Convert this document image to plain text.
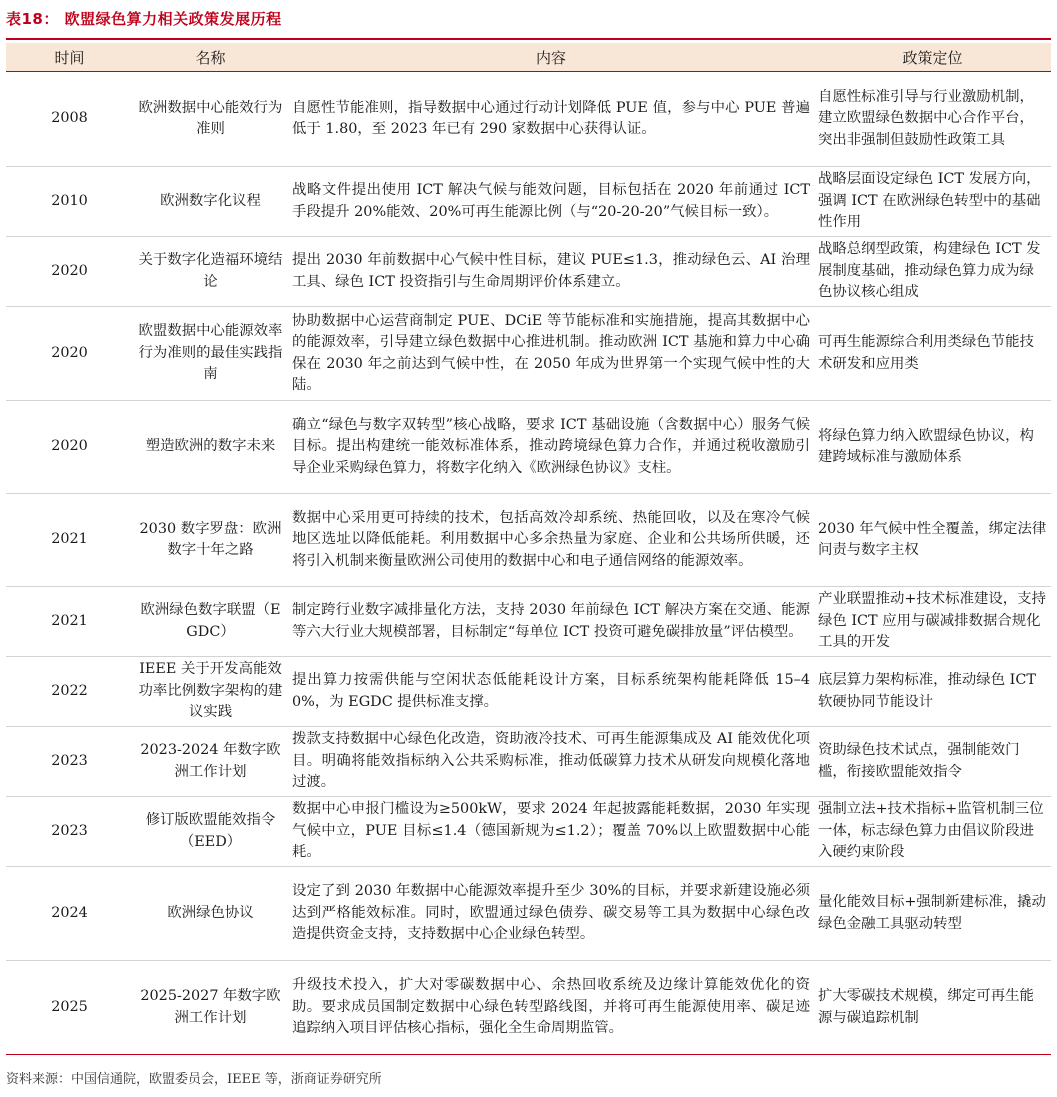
表18： 欧盟绿色算力相关政策发展历程
时间	名称	内容	政策定位
2008	欧洲数据中心能效行为准则	自愿性节能准则，指导数据中心通过行动计划降低 PUE 值，参与中心 PUE 普遍低于 1.80，至 2023 年已有 290 家数据中心获得认证。	自愿性标准引导与行业激励机制，建立欧盟绿色数据中心合作平台，突出非强制但鼓励性政策工具
2010	欧洲数字化议程	战略文件提出使用 ICT 解决气候与能效问题，目标包括在 2020 年前通过 ICT 手段提升 20%能效、20%可再生能源比例（与“20-20-20”气候目标一致）。	战略层面设定绿色 ICT 发展方向，强调 ICT 在欧洲绿色转型中的基础性作用
2020	关于数字化造福环境结论	提出 2030 年前数据中心气候中性目标，建议 PUE≤1.3，推动绿色云、AI 治理工具、绿色 ICT 投资指引与生命周期评价体系建立。	战略总纲型政策，构建绿色 ICT 发展制度基础，推动绿色算力成为绿色协议核心组成
2020	欧盟数据中心能源效率行为准则的最佳实践指南	协助数据中心运营商制定 PUE、DCiE 等节能标准和实施措施，提高其数据中心的能源效率，引导建立绿色数据中心推进机制。推动欧洲 ICT 基施和算力中心确保在 2030 年之前达到气候中性，在 2050 年成为世界第一个实现气候中性的大陆。	可再生能源综合利用类绿色节能技术研发和应用类
2020	塑造欧洲的数字未来	确立“绿色与数字双转型”核心战略，要求 ICT 基础设施（含数据中心）服务气候目标。提出构建统一能效标准体系，推动跨境绿色算力合作，并通过税收激励引导企业采购绿色算力，将数字化纳入《欧洲绿色协议》支柱。	将绿色算力纳入欧盟绿色协议，构建跨域标准与激励体系
2021	2030 数字罗盘：欧洲数字十年之路	数据中心采用更可持续的技术，包括高效冷却系统、热能回收，以及在寒冷气候地区选址以降低能耗。利用数据中心多余热量为家庭、企业和公共场所供暖，还将引入机制来衡量欧洲公司使用的数据中心和电子通信网络的能源效率。	2030 年气候中性全覆盖，绑定法律问责与数字主权
2021	欧洲绿色数字联盟（EGDC）	制定跨行业数字减排量化方法，支持 2030 年前绿色 ICT 解决方案在交通、能源等六大行业大规模部署，目标制定“每单位 ICT 投资可避免碳排放量”评估模型。	产业联盟推动+技术标准建设，支持绿色 ICT 应用与碳减排数据合规化工具的开发
2022	IEEE 关于开发高能效功率比例数字架构的建议实践	提出算力按需供能与空闲状态低能耗设计方案，目标系统架构能耗降低 15–40%，为 EGDC 提供标准支撑。	底层算力架构标准，推动绿色 ICT 软硬协同节能设计
2023	2023-2024 年数字欧洲工作计划	拨款支持数据中心绿色化改造，资助液冷技术、可再生能源集成及 AI 能效优化项目。明确将能效指标纳入公共采购标准，推动低碳算力技术从研发向规模化落地过渡。	资助绿色技术试点，强制能效门槛，衔接欧盟能效指令
2023	修订版欧盟能效指令（EED）	数据中心申报门槛设为≥500kW，要求 2024 年起披露能耗数据，2030 年实现气候中立，PUE 目标≤1.4（德国新规为≤1.2）；覆盖 70%以上欧盟数据中心能耗。	强制立法+技术指标+监管机制三位一体，标志绿色算力由倡议阶段进入硬约束阶段
2024	欧洲绿色协议	设定了到 2030 年数据中心能源效率提升至少 30%的目标，并要求新建设施必须达到严格能效标准。同时，欧盟通过绿色债券、碳交易等工具为数据中心绿色改造提供资金支持，支持数据中心企业绿色转型。	量化能效目标+强制新建标准，撬动绿色金融工具驱动转型
2025	2025-2027 年数字欧洲工作计划	升级技术投入，扩大对零碳数据中心、余热回收系统及边缘计算能效优化的资助。要求成员国制定数据中心绿色转型路线图，并将可再生能源使用率、碳足迹追踪纳入项目评估核心指标，强化全生命周期监管。	扩大零碳技术规模，绑定可再生能源与碳追踪机制
资料来源：中国信通院，欧盟委员会，IEEE 等，浙商证券研究所
